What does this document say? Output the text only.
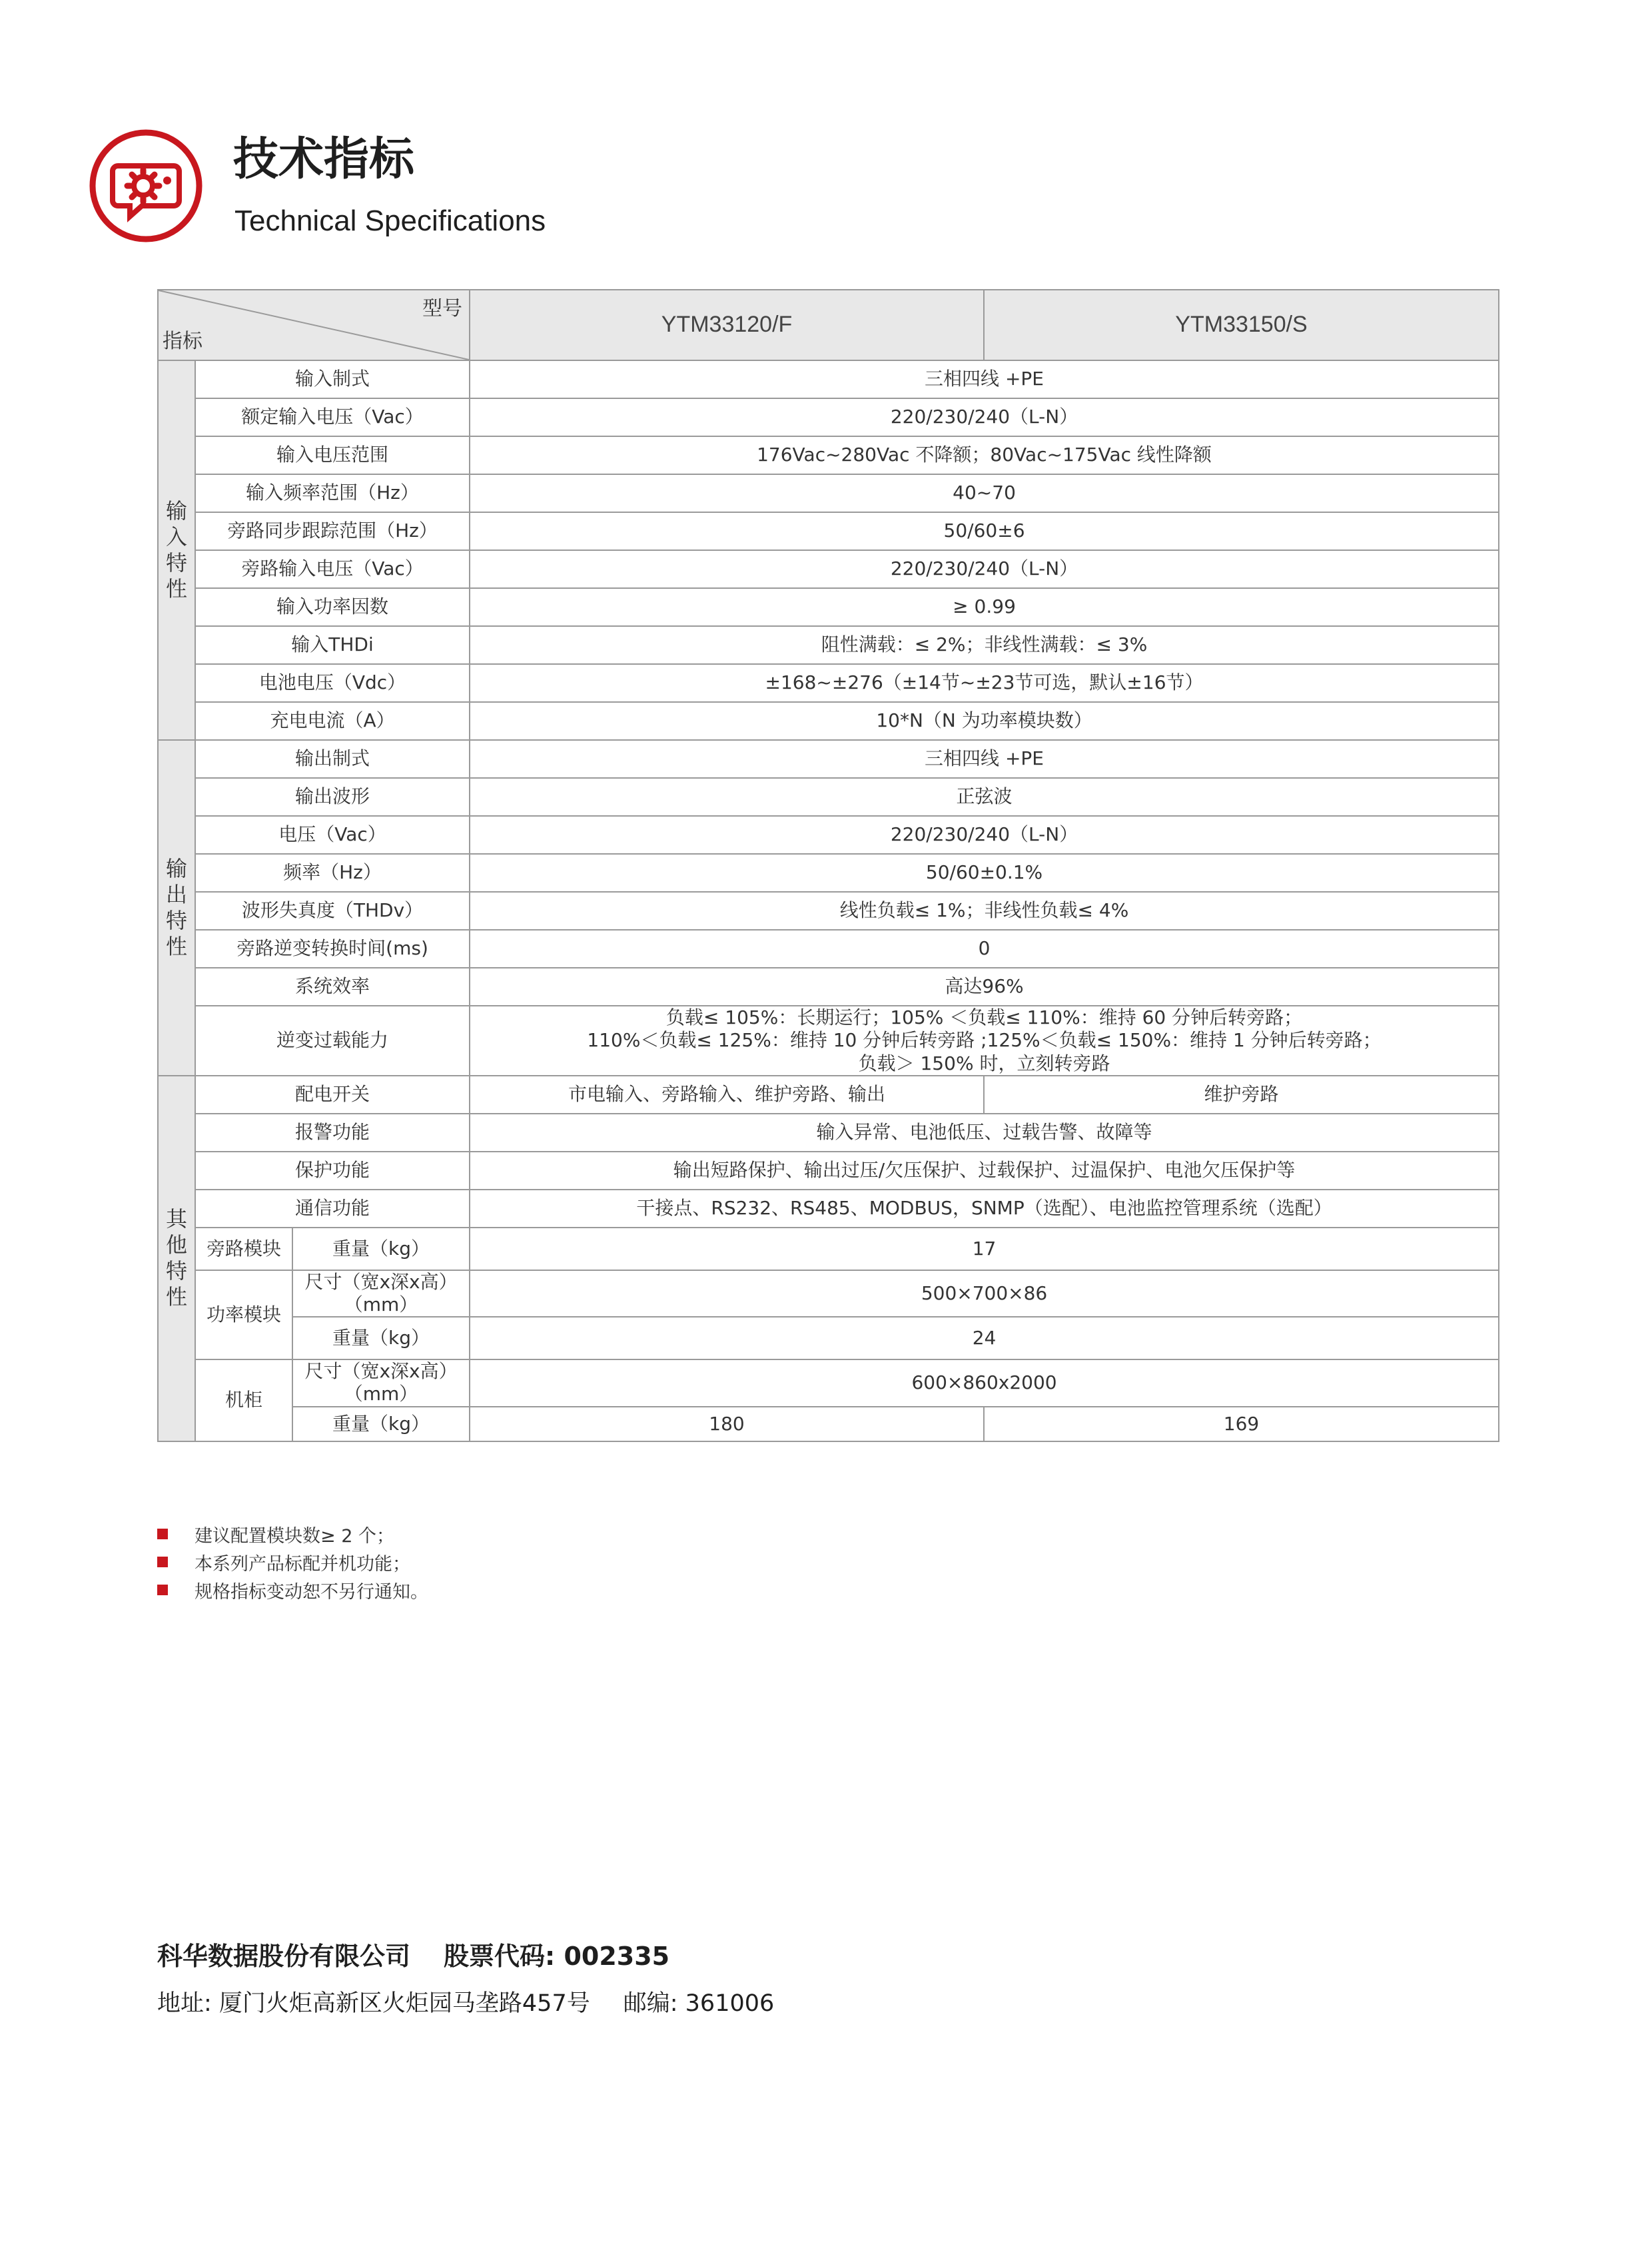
技术指标
Technical Specifications
型号
指标			YTM33120/F	YTM33150/S

输
入
特
性	输入制式		三相四线 +PE	
	额定输入电压（Vac）		220/230/240（L-N）	
	输入电压范围		176Vac~280Vac 不降额；80Vac~175Vac 线性降额	
	输入频率范围（Hz）		40~70	
	旁路同步跟踪范围（Hz）		50/60±6	
	旁路输入电压（Vac）		220/230/240（L-N）	
	输入功率因数		≥ 0.99	
	输入THDi		阻性满载：≤ 2%；非线性满载：≤ 3%	
	电池电压（Vdc）		±168~±276（±14节~±23节可选，默认±16节）	
	充电电流（A）		10*N（N 为功率模块数）	

输
出
特
性	输出制式		三相四线 +PE	
	输出波形		正弦波	
	电压（Vac）		220/230/240（L-N）	
	频率（Hz）		50/60±0.1%	
	波形失真度（THDv）		线性负载≤ 1%；非线性负载≤ 4%	
	旁路逆变转换时间(ms)		0	
	系统效率		高达96%	
	逆变过载能力		负载≤ 105%：长期运行；105% ＜负载≤ 110%：维持 60 分钟后转旁路；
110%＜负载≤ 125%：维持 10 分钟后转旁路 ;125%＜负载≤ 150%：维持 1 分钟后转旁路；
负载＞ 150% 时，立刻转旁路	

其
他
特
性	配电开关		市电输入、旁路输入、维护旁路、输出	维护旁路
	报警功能		输入异常、电池低压、过载告警、故障等	
	保护功能		输出短路保护、输出过压/欠压保护、过载保护、过温保护、电池欠压保护等	
	通信功能		干接点、RS232、RS485、MODBUS，SNMP（选配）、电池监控管理系统（选配）	
	旁路模块	重量（kg）	17	
	功率模块	尺寸（宽x深x高）
（mm）	500×700×86	
		重量（kg）	24	
	机柜	尺寸（宽x深x高）
（mm）	600×860x2000	
		重量（kg）	180	169
建议配置模块数≥ 2 个；
本系列产品标配并机功能；
规格指标变动恕不另行通知。
科华数据股份有限公司 股票代码: 002335
地址: 厦门火炬高新区火炬园马垄路457号 邮编: 361006
